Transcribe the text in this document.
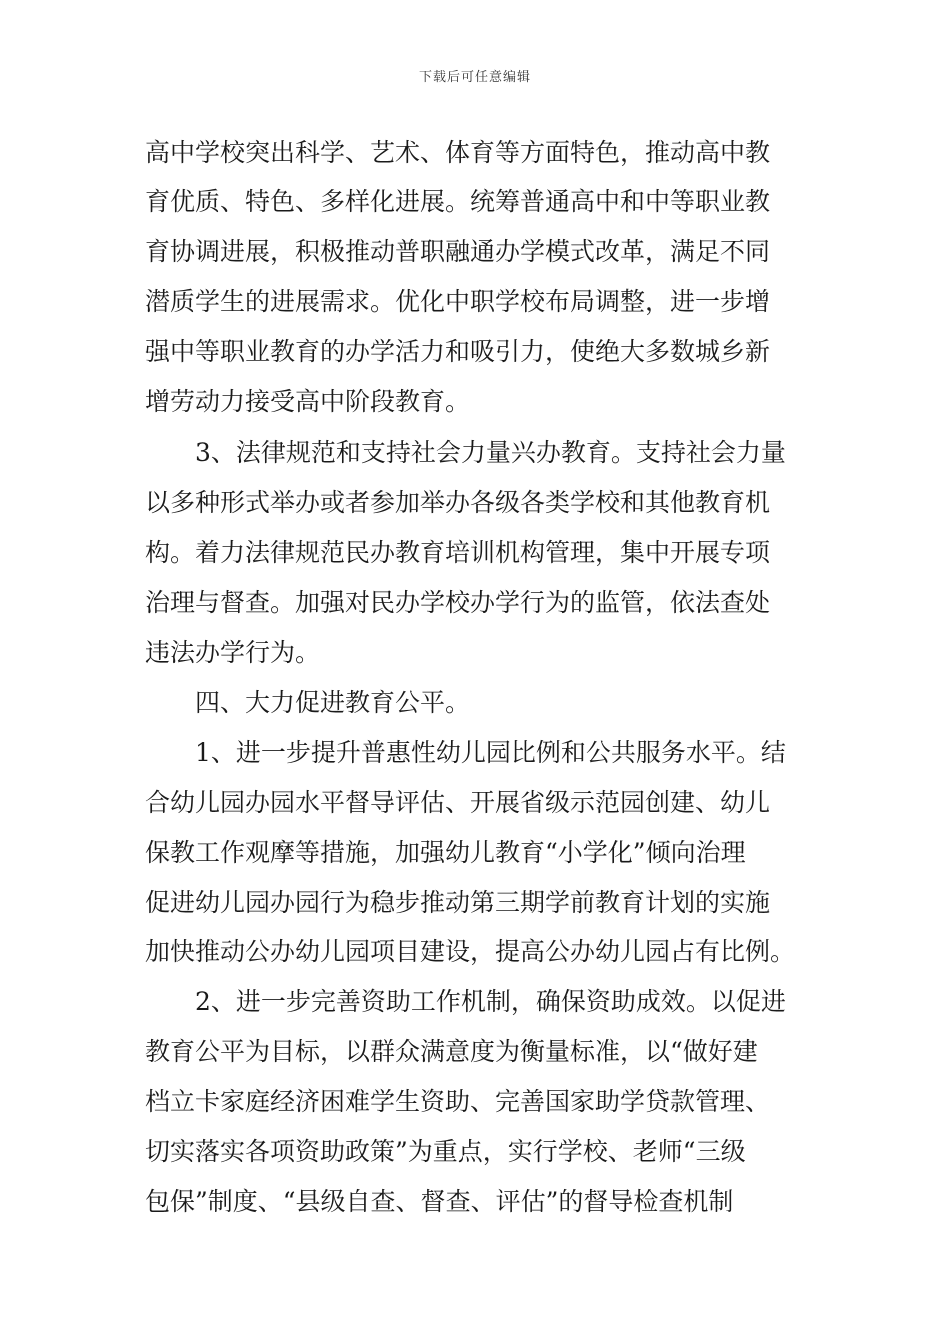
下载后可任意编辑
高中学校突出科学、艺术、体育等方面特色，推动高中教
育优质、特色、多样化进展。统筹普通高中和中等职业教
育协调进展，积极推动普职融通办学模式改革，满足不同
潜质学生的进展需求。优化中职学校布局调整，进一步增
强中等职业教育的办学活力和吸引力，使绝大多数城乡新
增劳动力接受高中阶段教育。
3、法律规范和支持社会力量兴办教育。支持社会力量
以多种形式举办或者参加举办各级各类学校和其他教育机
构。着力法律规范民办教育培训机构管理，集中开展专项
治理与督查。加强对民办学校办学行为的监管，依法查处
违法办学行为。
四、大力促进教育公平。
1、进一步提升普惠性幼儿园比例和公共服务水平。结
合幼儿园办园水平督导评估、开展省级示范园创建、幼儿
保教工作观摩等措施，加强幼儿教育“小学化”倾向治理
促进幼儿园办园行为稳步推动第三期学前教育计划的实施
加快推动公办幼儿园项目建设，提高公办幼儿园占有比例。
2、进一步完善资助工作机制，确保资助成效。以促进
教育公平为目标，以群众满意度为衡量标准，以“做好建
档立卡家庭经济困难学生资助、完善国家助学贷款管理、
切实落实各项资助政策”为重点，实行学校、老师“三级
包保”制度、“县级自查、督查、评估”的督导检查机制
